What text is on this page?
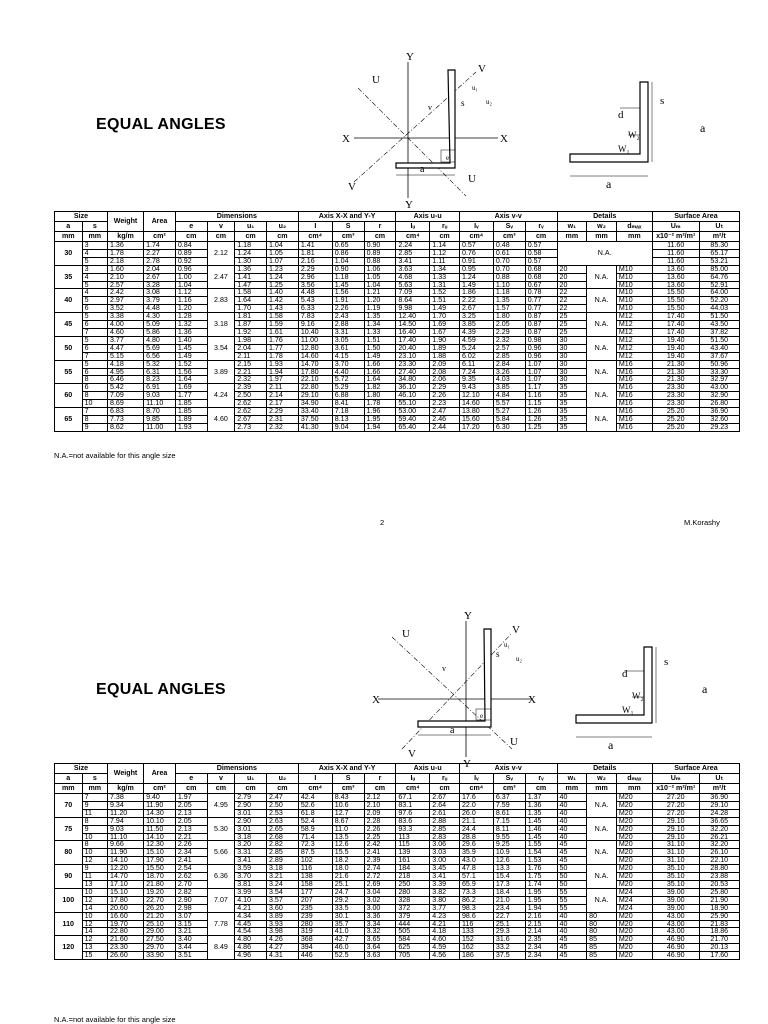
EQUAL ANGLES
U
Y
V
X	X
V
U
Y
a
e
s
v
u₁
u₂	s
d
a
a
W₁
W₂
Size		Weight	Area	Dimensions				Axis X-X and Y-Y			Axis u-u		Axis v-v			Details			Surface Area	
a	s			e	v	u₁	u₂	I	S	r	Iᵤ	rᵤ	Iᵥ	Sᵥ	rᵥ	w₁	w₂	dₘₐₓ	Uₘ	Uₜ
mm	mm	kg/m	cm²	cm	cm	cm	cm	cm⁴	cm³	cm	cm⁴	cm	cm⁴	cm³	cm	mm	mm	mm	x10⁻² m²/m¹	m²/t
30	3	1.36	1.74	0.84	2.12	1.18	1.04	1.41	0.65	0.90	2.24	1.14	0.57	0.48	0.57	N.A.			11.60	85.30
	4	1.78	2.27	0.89		1.24	1.05	1.81	0.86	0.89	2.85	1.12	0.76	0.61	0.58				11.60	65.17
	5	2.18	2.78	0.92		1.30	1.07	2.16	1.04	0.88	3.41	1.11	0.91	0.70	0.57				11.60	53.21
35	3	1.60	2.04	0.96	2.47	1.36	1.23	2.29	0.90	1.06	3.63	1.34	0.95	0.70	0.68	20	N.A.	M10	13.60	85.00
	4	2.10	2.67	1.00		1.41	1.24	2.96	1.18	1.05	4.68	1.33	1.24	0.88	0.68	20		M10	13.60	64.76
	5	2.57	3.28	1.04		1.47	1.25	3.56	1.45	1.04	5.63	1.31	1.49	1.10	0.67	20		M10	13.60	52.91
40	4	2.42	3.08	1.12	2.83	1.58	1.40	4.48	1.56	1.21	7.09	1.52	1.86	1.18	0.78	22	N.A.	M10	15.50	64.00
	5	2.97	3.79	1.16		1.64	1.42	5.43	1.91	1.20	8.64	1.51	2.22	1.35	0.77	22		M10	15.50	52.20
	6	3.52	4.48	1.20		1.70	1.43	6.33	2.26	1.19	9.98	1.49	2.67	1.57	0.77	22		M10	15.50	44.03
45	5	3.38	4.30	1.28	3.18	1.81	1.58	7.83	2.43	1.35	12.40	1.70	3.25	1.80	0.87	25	N.A.	M12	17.40	51.50
	6	4.00	5.09	1.32		1.87	1.59	9.16	2.88	1.34	14.50	1.69	3.85	2.05	0.87	25		M12	17.40	43.50
	7	4.60	5.86	1.36		1.92	1.61	10.40	3.31	1.33	16.40	1.67	4.39	2.29	0.87	25		M12	17.40	37.82
50	5	3.77	4.80	1.40	3.54	1.98	1.76	11.00	3.05	1.51	17.40	1.90	4.59	2.32	0.98	30	N.A.	M12	19.40	51.50
	6	4.47	5.69	1.45		2.04	1.77	12.80	3.61	1.50	20.40	1.89	5.24	2.57	0.96	30		M12	19.40	43.40
	7	5.15	6.56	1.49		2.11	1.78	14.60	4.15	1.49	23.10	1.88	6.02	2.85	0.96	30		M12	19.40	37.67
55	5	4.18	5.32	1.52	3.89	2.15	1.93	14.70	3.70	1.66	23.30	2.09	6.11	2.84	1.07	30	N.A.	M16	21.30	50.96
	6	4.95	6.31	1.56		2.21	1.94	17.80	4.40	1.66	27.40	2.08	7.24	3.26	1.07	30		M16	21.30	33.30
	8	6.46	8.23	1.64		2.32	1.97	22.10	5.72	1.64	34.80	2.06	9.35	4.03	1.07	30		M16	21.30	32.97
60	6	5.42	6.91	1.69	4.24	2.39	2.11	22.80	5.29	1.82	36.10	2.29	9.43	3.85	1.17	35	N.A.	M16	23.30	43.00
	8	7.09	9.03	1.77		2.50	2.14	29.10	6.88	1.80	46.10	2.26	12.10	4.84	1.16	35		M16	23.30	32.90
	10	8.69	11.10	1.85		2.62	2.17	34.90	8.41	1.78	55.10	2.23	14.60	5.57	1.15	35		M16	23.30	26.80
65	7	6.83	8.70	1.85	4.60	2.62	2.29	33.40	7.18	1.96	53.00	2.47	13.80	5.27	1.26	35	N.A.	M16	25.20	36.90
	8	7.73	9.85	1.89		2.67	2.31	37.50	8.13	1.95	59.40	2.46	15.60	5.84	1.26	35		M16	25.20	32.60
	9	8.62	11.00	1.93		2.73	2.32	41.30	9.04	1.94	65.40	2.44	17.20	6.30	1.25	35		M16	25.20	29.23
N.A.=not available for this angle size
2	M.Korashy
EQUAL ANGLES
U
Y
V
X	X
V
U
Y
a
e
s
v
u₁
u₂	s
d
a
a
W₁
W₂
Size		Weight	Area	Dimensions				Axis X-X and Y-Y			Axis u-u		Axis v-v			Details			Surface Area	
a	s			e	v	u₁	u₂	I	S	r	Iᵤ	rᵤ	Iᵥ	Sᵥ	rᵥ	w₁	w₂	dₘₐₓ	Uₘ	Uₜ
mm	mm	kg/m	cm²	cm	cm	cm	cm	cm⁴	cm³	cm	cm⁴	cm	cm⁴	cm³	cm	mm	mm	mm	x10⁻² m²/m¹	m²/t
70	7	7.38	9.40	1.97	4.95	2.79	2.47	42.4	8.43	2.12	67.1	2.67	17.6	6.37	1.37	40	N.A.	M20	27.20	36.90
	9	9.34	11.90	2.05		2.90	2.50	52.6	10.6	2.10	83.1	2.64	22.0	7.59	1.36	40		M20	27.20	29.10
	11	11.20	14.30	2.13		3.01	2.53	61.8	12.7	2.09	97.6	2.61	26.0	8.61	1.35	40		M20	27.20	24.28
75	8	7.94	10.10	2.05	5.30	2.90	2.63	52.4	8.67	2.28	83.6	2.88	21.1	7.15	1.45	40	N.A.	M20	29.10	36.65
	9	9.03	11.50	2.13		3.01	2.65	58.9	11.0	2.26	93.3	2.85	24.4	8.11	1.46	40		M20	29.10	32.20
	10	11.10	14.10	2.21		3.18	2.68	71.4	13.5	2.25	113	2.83	28.8	9.55	1.45	40		M20	29.10	26.21
80	8	9.66	12.30	2.26	5.66	3.20	2.82	72.3	12.6	2.42	115	3.06	29.6	9.25	1.55	45	N.A.	M20	31.10	32.20
	10	11.90	15.10	2.34		3.31	2.85	87.5	15.5	2.41	139	3.03	35.9	10.9	1.54	45		M20	31.10	26.10
	12	14.10	17.90	2.41		3.41	2.89	102	18.2	2.39	161	3.00	43.0	12.6	1.53	45		M20	31.10	22.10
90	9	12.20	15.50	2.54	6.36	3.59	3.18	116	18.0	2.74	184	3.45	47.8	13.3	1.76	50	N.A.	M20	35.10	28.80
	11	14.70	18.70	2.62		3.70	3.21	138	21.6	2.72	218	3.41	57.1	15.4	1.75	50		M20	35.10	23.88
	13	17.10	21.80	2.70		3.81	3.24	158	25.1	2.69	250	3.39	65.9	17.3	1.74	50		M20	35.10	20.53
100	10	15.10	19.20	2.82	7.07	3.99	3.54	177	24.7	3.04	280	3.82	73.3	18.4	1.95	55	N.A.	M24	39.00	25.80
	12	17.80	22.70	2.90		4.10	3.57	207	29.2	3.02	328	3.80	86.2	21.0	1.95	55		M24	39.00	21.90
	14	20.60	26.20	2.98		4.21	3.60	235	33.5	3.00	372	3.77	98.3	23.4	1.94	55		M24	39.00	18.90
110	10	16.60	21.20	3.07	7.78	4.34	3.89	239	30.1	3.36	379	4.23	98.6	22.7	2.16	40	80	M20	43.00	25.90
	12	19.70	25.10	3.15		4.45	3.93	280	35.7	3.34	444	4.21	116	25.1	2.15	40	80	M20	43.00	21.83
	14	22.80	29.00	3.21		4.54	3.98	319	41.0	3.32	505	4.18	133	29.3	2.14	40	80	M20	43.00	18.86
120	12	21.60	27.50	3.40	8.49	4.80	4.26	368	42.7	3.65	584	4.60	152	31.6	2.35	45	85	M20	46.90	21.70
	13	23.30	29.70	3.44		4.86	4.27	394	46.0	3.64	625	4.59	162	33.2	2.34	45	85	M20	46.90	20.13
	15	26.60	33.90	3.51		4.96	4.31	446	52.5	3.63	705	4.56	186	37.5	2.34	45	85	M20	46.90	17.60
N.A.=not available for this angle size
